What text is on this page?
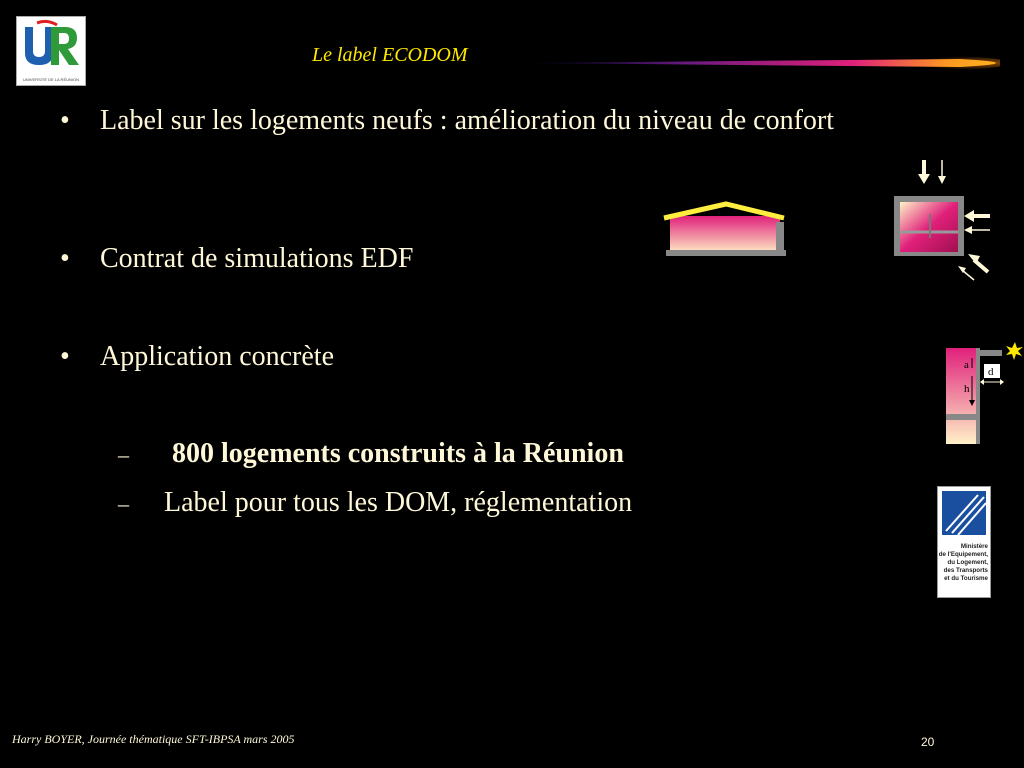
UNIVERSITÉ DE LA RÉUNION
Le label ECODOM
• Label sur les logements neufs : amélioration du niveau de confort
• Contrat de simulations EDF
• Application concrète
– 800 logements construits à la Réunion
– Label pour tous les DOM, réglementation
a
h
d
Ministère
de l'Equipement,
du Logement,
des Transports
et du Tourisme
Harry BOYER, Journée thématique SFT-IBPSA mars 2005	20
